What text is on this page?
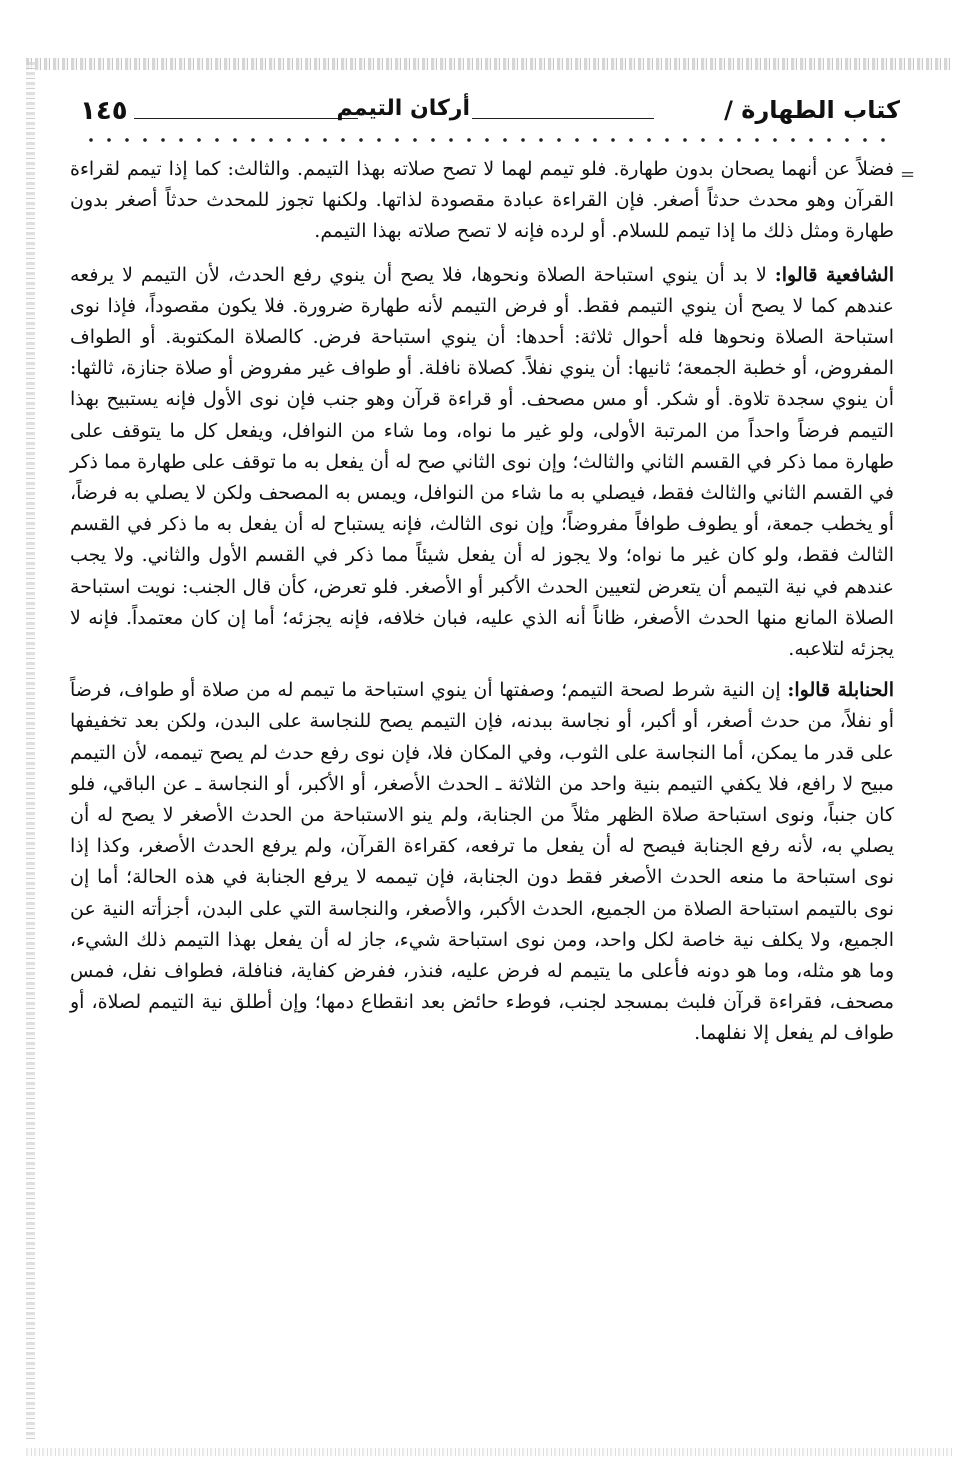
١٤٥	أركان التيمم	كتاب الطهارة /
=

فضلاً عن أنهما يصحان بدون طهارة. فلو تيمم لهما لا تصح صلاته بهذا التيمم. والثالث: كما إذا تيمم لقراءة القرآن وهو محدث حدثاً أصغر. فإن القراءة عبادة مقصودة لذاتها. ولكنها تجوز للمحدث حدثاً أصغر بدون طهارة ومثل ذلك ما إذا تيمم للسلام. أو لرده فإنه لا تصح صلاته بهذا التيمم.

الشافعية قالوا: لا بد أن ينوي استباحة الصلاة ونحوها، فلا يصح أن ينوي رفع الحدث، لأن التيمم لا يرفعه عندهم كما لا يصح أن ينوي التيمم فقط. أو فرض التيمم لأنه طهارة ضرورة. فلا يكون مقصوداً، فإذا نوى استباحة الصلاة ونحوها فله أحوال ثلاثة: أحدها: أن ينوي استباحة فرض. كالصلاة المكتوبة. أو الطواف المفروض، أو خطبة الجمعة؛ ثانيها: أن ينوي نفلاً. كصلاة نافلة. أو طواف غير مفروض أو صلاة جنازة، ثالثها: أن ينوي سجدة تلاوة. أو شكر. أو مس مصحف. أو قراءة قرآن وهو جنب فإن نوى الأول فإنه يستبيح بهذا التيمم فرضاً واحداً من المرتبة الأولى، ولو غير ما نواه، وما شاء من النوافل، ويفعل كل ما يتوقف على طهارة مما ذكر في القسم الثاني والثالث؛ وإن نوى الثاني صح له أن يفعل به ما توقف على طهارة مما ذكر في القسم الثاني والثالث فقط، فيصلي به ما شاء من النوافل، ويمس به المصحف ولكن لا يصلي به فرضاً، أو يخطب جمعة، أو يطوف طوافاً مفروضاً؛ وإن نوى الثالث، فإنه يستباح له أن يفعل به ما ذكر في القسم الثالث فقط، ولو كان غير ما نواه؛ ولا يجوز له أن يفعل شيئاً مما ذكر في القسم الأول والثاني. ولا يجب عندهم في نية التيمم أن يتعرض لتعيين الحدث الأكبر أو الأصغر. فلو تعرض، كأن قال الجنب: نويت استباحة الصلاة المانع منها الحدث الأصغر، ظاناً أنه الذي عليه، فبان خلافه، فإنه يجزئه؛ أما إن كان معتمداً. فإنه لا يجزئه لتلاعبه.

الحنابلة قالوا: إن النية شرط لصحة التيمم؛ وصفتها أن ينوي استباحة ما تيمم له من صلاة أو طواف، فرضاً أو نفلاً، من حدث أصغر، أو أكبر، أو نجاسة ببدنه، فإن التيمم يصح للنجاسة على البدن، ولكن بعد تخفيفها على قدر ما يمكن، أما النجاسة على الثوب، وفي المكان فلا، فإن نوى رفع حدث لم يصح تيممه، لأن التيمم مبيح لا رافع، فلا يكفي التيمم بنية واحد من الثلاثة ـ الحدث الأصغر، أو الأكبر، أو النجاسة ـ عن الباقي، فلو كان جنباً، ونوى استباحة صلاة الظهر مثلاً من الجنابة، ولم ينو الاستباحة من الحدث الأصغر لا يصح له أن يصلي به، لأنه رفع الجنابة فيصح له أن يفعل ما ترفعه، كقراءة القرآن، ولم يرفع الحدث الأصغر، وكذا إذا نوى استباحة ما منعه الحدث الأصغر فقط دون الجنابة، فإن تيممه لا يرفع الجنابة في هذه الحالة؛ أما إن نوى بالتيمم استباحة الصلاة من الجميع، الحدث الأكبر، والأصغر، والنجاسة التي على البدن، أجزأته النية عن الجميع، ولا يكلف نية خاصة لكل واحد، ومن نوى استباحة شيء، جاز له أن يفعل بهذا التيمم ذلك الشيء، وما هو مثله، وما هو دونه فأعلى ما يتيمم له فرض عليه، فنذر، ففرض كفاية، فنافلة، فطواف نفل، فمس مصحف، فقراءة قرآن فلبث بمسجد لجنب، فوطء حائض بعد انقطاع دمها؛ وإن أطلق نية التيمم لصلاة، أو طواف لم يفعل إلا نفلهما.
